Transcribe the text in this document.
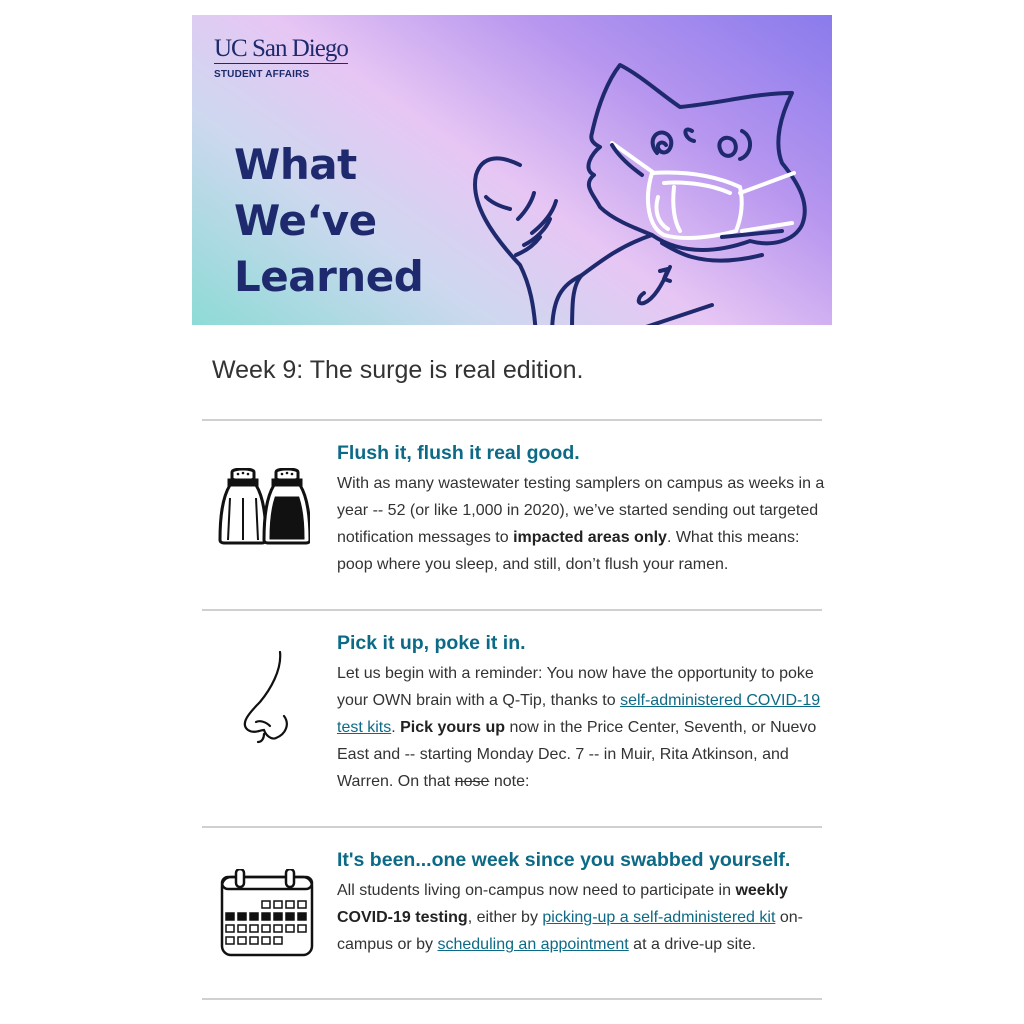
UC San Diego
STUDENT AFFAIRS
What
We‘ve
Learned
Week 9: The surge is real edition.
Flush it, flush it real good.
With as many wastewater testing samplers on campus as weeks in a year -- 52 (or like 1,000 in 2020), we’ve started sending out targeted notification messages to impacted areas only. What this means: poop where you sleep, and still, don’t flush your ramen.
Pick it up, poke it in.
Let us begin with a reminder: You now have the opportunity to poke your OWN brain with a Q-Tip, thanks to self-administered COVID-19 test kits. Pick yours up now in the Price Center, Seventh, or Nuevo East and -- starting Monday Dec. 7 -- in Muir, Rita Atkinson, and Warren. On that nose note:
It's been...one week since you swabbed yourself.
All students living on-campus now need to participate in weekly COVID-19 testing, either by picking-up a self-administered kit on-campus or by scheduling an appointment at a drive-up site.
